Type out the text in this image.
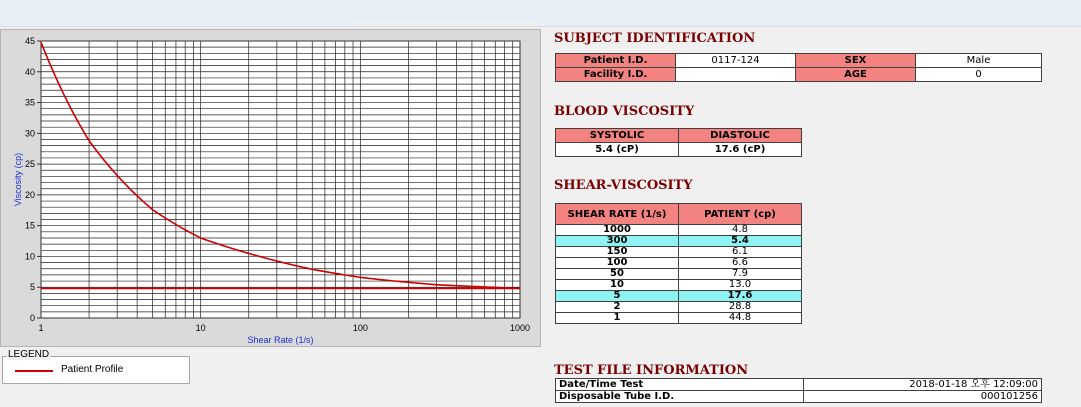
0
5
10
15
20
25
30
35
40
45
1	10	100	1000
Shear Rate (1/s)
Viscosity (cp)
LEGEND
Patient Profile
SUBJECT IDENTIFICATION
Patient I.D.	0117-124	SEX	Male
Facility I.D.		AGE	0
BLOOD VISCOSITY
SYSTOLIC	DIASTOLIC
5.4 (cP)	17.6 (cP)
SHEAR-VISCOSITY
SHEAR RATE (1/s)	PATIENT (cp)
1000	4.8
300	5.4
150	6.1
100	6.6
50	7.9
10	13.0
5	17.6
2	28.8
1	44.8
TEST FILE INFORMATION
Date/Time Test	2018-01-18 오후 12:09:00
Disposable Tube I.D.	000101256
